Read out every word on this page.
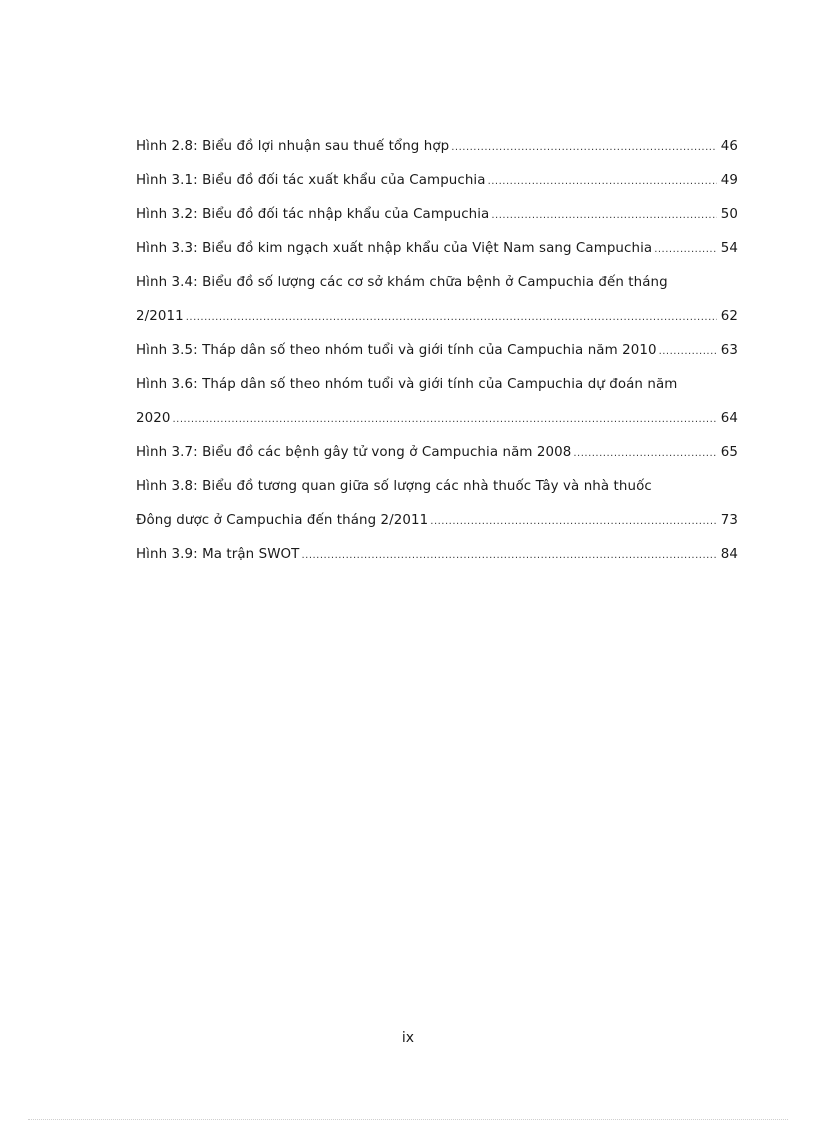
Hình 2.8: Biểu đồ lợi nhuận sau thuế tổng hợp .....	46
Hình 3.1: Biểu đồ đối tác xuất khẩu của Campuchia .....	49
Hình 3.2: Biểu đồ đối tác nhập khẩu của Campuchia .....	50
Hình 3.3: Biểu đồ kim ngạch xuất nhập khẩu của Việt Nam sang Campuchia .....	54
Hình 3.4: Biểu đồ số lượng các cơ sở khám chữa bệnh ở Campuchia đến tháng
2/2011 .....	62
Hình 3.5: Tháp dân số theo nhóm tuổi và giới tính của Campuchia năm 2010 .....	63
Hình 3.6: Tháp dân số theo nhóm tuổi và giới tính của Campuchia dự đoán năm
2020 .....	64
Hình 3.7: Biểu đồ các bệnh gây tử vong ở Campuchia năm 2008 .....	65
Hình 3.8: Biểu đồ tương quan giữa số lượng các nhà thuốc Tây và nhà thuốc
Đông dược ở Campuchia đến tháng 2/2011 .....	73
Hình 3.9: Ma trận SWOT .....	84
ix
